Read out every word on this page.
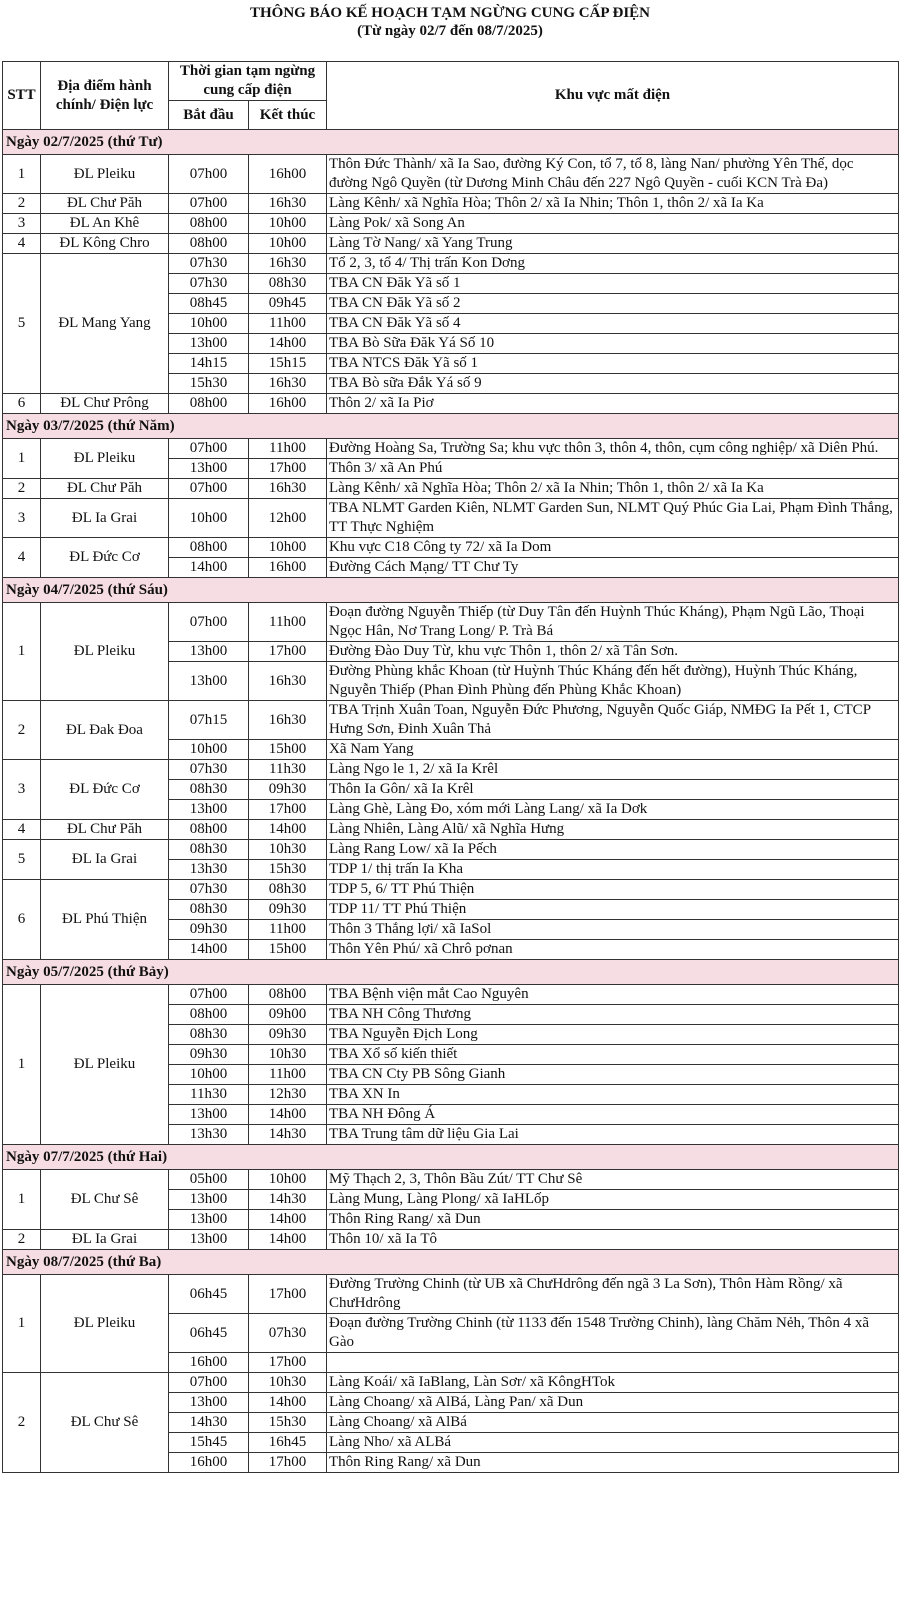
THÔNG BÁO KẾ HOẠCH TẠM NGỪNG CUNG CẤP ĐIỆN
(Từ ngày 02/7 đến 08/7/2025)
STT	Địa điểm hành chính/ Điện lực	Thời gian tạm ngừng cung cấp điện		Khu vực mất điện
		Bắt đầu	Kết thúc	
Ngày 02/7/2025 (thứ Tư)				
1	ĐL Pleiku	07h00	16h00	Thôn Đức Thành/ xã Ia Sao, đường Ký Con, tổ 7, tổ 8, làng Nan/ phường Yên Thế, dọc đường Ngô Quyền (từ Dương Minh Châu đến 227 Ngô Quyền - cuối KCN Trà Đa)
2	ĐL Chư Păh	07h00	16h30	Làng Kênh/ xã Nghĩa Hòa; Thôn 2/ xã Ia Nhin; Thôn 1, thôn 2/ xã Ia Ka
3	ĐL An Khê	08h00	10h00	Làng Pok/ xã Song An
4	ĐL Kông Chro	08h00	10h00	Làng Tờ Nang/ xã Yang Trung
5	ĐL Mang Yang	07h30	16h30	Tổ 2, 3, tổ 4/ Thị trấn Kon Dơng
		07h30	08h30	TBA CN Đăk Yã số 1
		08h45	09h45	TBA CN Đăk Yã số 2
		10h00	11h00	TBA CN Đăk Yã số 4
		13h00	14h00	TBA Bò Sữa Đăk Yá Số 10
		14h15	15h15	TBA NTCS Đăk Yã số 1
		15h30	16h30	TBA Bò sữa Đắk Yá số 9
6	ĐL Chư Prông	08h00	16h00	Thôn 2/ xã Ia Piơ
Ngày 03/7/2025 (thứ Năm)				
1	ĐL Pleiku	07h00	11h00	Đường Hoàng Sa, Trường Sa; khu vực thôn 3, thôn 4, thôn, cụm công nghiệp/ xã Diên Phú.
		13h00	17h00	Thôn 3/ xã An Phú
2	ĐL Chư Păh	07h00	16h30	Làng Kênh/ xã Nghĩa Hòa; Thôn 2/ xã Ia Nhin; Thôn 1, thôn 2/ xã Ia Ka
3	ĐL Ia Grai	10h00	12h00	TBA NLMT Garden Kiên, NLMT Garden Sun, NLMT Quý Phúc Gia Lai, Phạm Đình Thắng, TT Thực Nghiệm
4	ĐL Đức Cơ	08h00	10h00	Khu vực C18 Công ty 72/ xã Ia Dom
		14h00	16h00	Đường Cách Mạng/ TT Chư Ty
Ngày 04/7/2025 (thứ Sáu)				
1	ĐL Pleiku	07h00	11h00	Đoạn đường Nguyễn Thiếp (từ Duy Tân đến Huỳnh Thúc Kháng), Phạm Ngũ Lão, Thoại Ngọc Hân, Nơ Trang Long/ P. Trà Bá
		13h00	17h00	Đường Đào Duy Từ, khu vực Thôn 1, thôn 2/ xã Tân Sơn.
		13h00	16h30	Đường Phùng khắc Khoan (từ Huỳnh Thúc Kháng đến hết đường), Huỳnh Thúc Kháng, Nguyễn Thiếp (Phan Đình Phùng đến Phùng Khắc Khoan)
2	ĐL Đak Đoa	07h15	16h30	TBA Trịnh Xuân Toan, Nguyễn Đức Phương, Nguyễn Quốc Giáp, NMĐG Ia Pết 1, CTCP Hưng Sơn, Đinh Xuân Thả
		10h00	15h00	Xã Nam Yang
3	ĐL Đức Cơ	07h30	11h30	Làng Ngo le 1, 2/ xã Ia Krêl
		08h30	09h30	Thôn Ia Gôn/ xã Ia Krêl
		13h00	17h00	Làng Ghè, Làng Đo, xóm mới Làng Lang/ xã Ia Dơk
4	ĐL Chư Păh	08h00	14h00	Làng Nhiên, Làng Alũ/ xã Nghĩa Hưng
5	ĐL Ia Grai	08h30	10h30	Làng Rang Low/ xã Ia Pếch
		13h30	15h30	TDP 1/ thị trấn Ia Kha
6	ĐL Phú Thiện	07h30	08h30	TDP 5, 6/ TT Phú Thiện
		08h30	09h30	TDP 11/ TT Phú Thiện
		09h30	11h00	Thôn 3 Thắng lợi/ xã IaSol
		14h00	15h00	Thôn Yên Phú/ xã Chrô pơnan
Ngày 05/7/2025 (thứ Bảy)				
1	ĐL Pleiku	07h00	08h00	TBA Bệnh viện mắt Cao Nguyên
		08h00	09h00	TBA NH Công Thương
		08h30	09h30	TBA Nguyễn Địch Long
		09h30	10h30	TBA Xổ số kiến thiết
		10h00	11h00	TBA CN Cty PB Sông Gianh
		11h30	12h30	TBA XN In
		13h00	14h00	TBA NH Đông Á
		13h30	14h30	TBA Trung tâm dữ liệu Gia Lai
Ngày 07/7/2025 (thứ Hai)				
1	ĐL Chư Sê	05h00	10h00	Mỹ Thạch 2, 3, Thôn Bầu Zút/ TT Chư Sê
		13h00	14h30	Làng Mung, Làng Plong/ xã IaHLốp
		13h00	14h00	Thôn Ring Rang/ xã Dun
2	ĐL Ia Grai	13h00	14h00	Thôn 10/ xã Ia Tô
Ngày 08/7/2025 (thứ Ba)				
1	ĐL Pleiku	06h45	17h00	Đường Trường Chinh (từ UB xã ChưHdrông đến ngã 3 La Sơn), Thôn Hàm Rồng/ xã ChưHdrông
		06h45	07h30	Đoạn đường Trường Chinh (từ 1133 đến 1548 Trường Chinh), làng Chăm Nẻh, Thôn 4 xã Gào
		16h00	17h00	
2	ĐL Chư Sê	07h00	10h30	Làng Koái/ xã IaBlang, Làn Sơr/ xã KôngHTok
		13h00	14h00	Làng Choang/ xã AlBá, Làng Pan/ xã Dun
		14h30	15h30	Làng Choang/ xã AlBá
		15h45	16h45	Làng Nho/ xã ALBá
		16h00	17h00	Thôn Ring Rang/ xã Dun
